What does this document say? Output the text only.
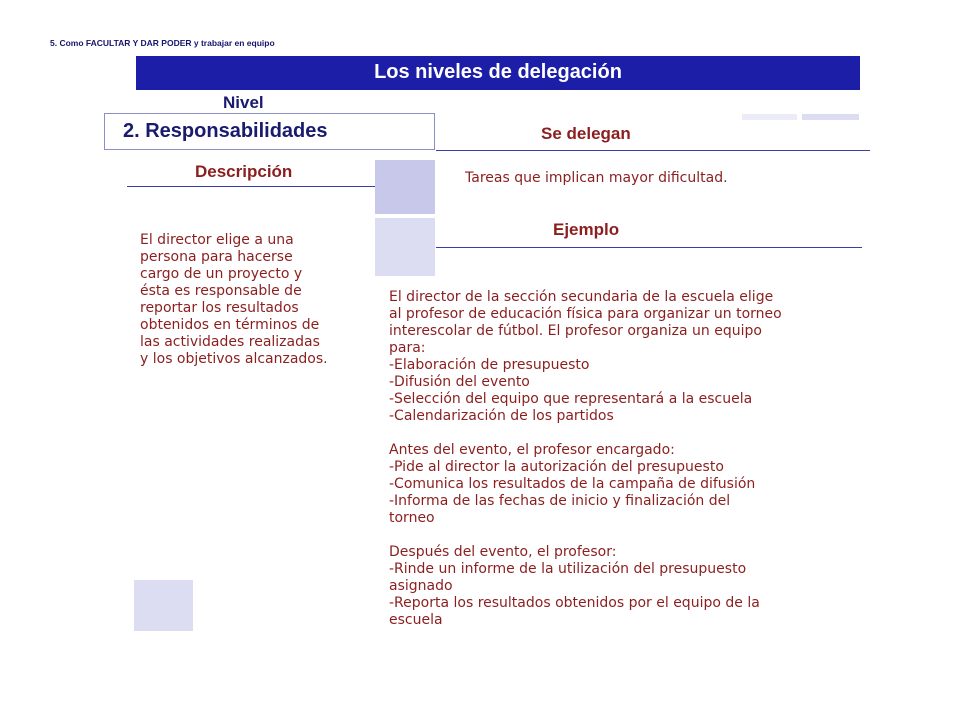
5. Como FACULTAR Y DAR PODER y trabajar en equipo
Los niveles de delegación
Nivel
2. Responsabilidades	Se delegan
Descripción	Tareas que implican mayor dificultad.
Ejemplo
El director elige a una
persona para hacerse
cargo de un proyecto y
ésta es responsable de
reportar los resultados
obtenidos en términos de
las actividades realizadas
y los objetivos alcanzados.
El director de la sección secundaria de la escuela elige
al profesor de educación física para organizar un torneo
interescolar de fútbol. El profesor organiza un equipo
para:
-Elaboración de presupuesto
-Difusión del evento
-Selección del equipo que representará a la escuela
-Calendarización de los partidos

Antes del evento, el profesor encargado:
-Pide al director la autorización del presupuesto
-Comunica los resultados de la campaña de difusión
-Informa de las fechas de inicio y finalización del
torneo

Después del evento, el profesor:
-Rinde un informe de la utilización del presupuesto
asignado
-Reporta los resultados obtenidos por el equipo de la
escuela
